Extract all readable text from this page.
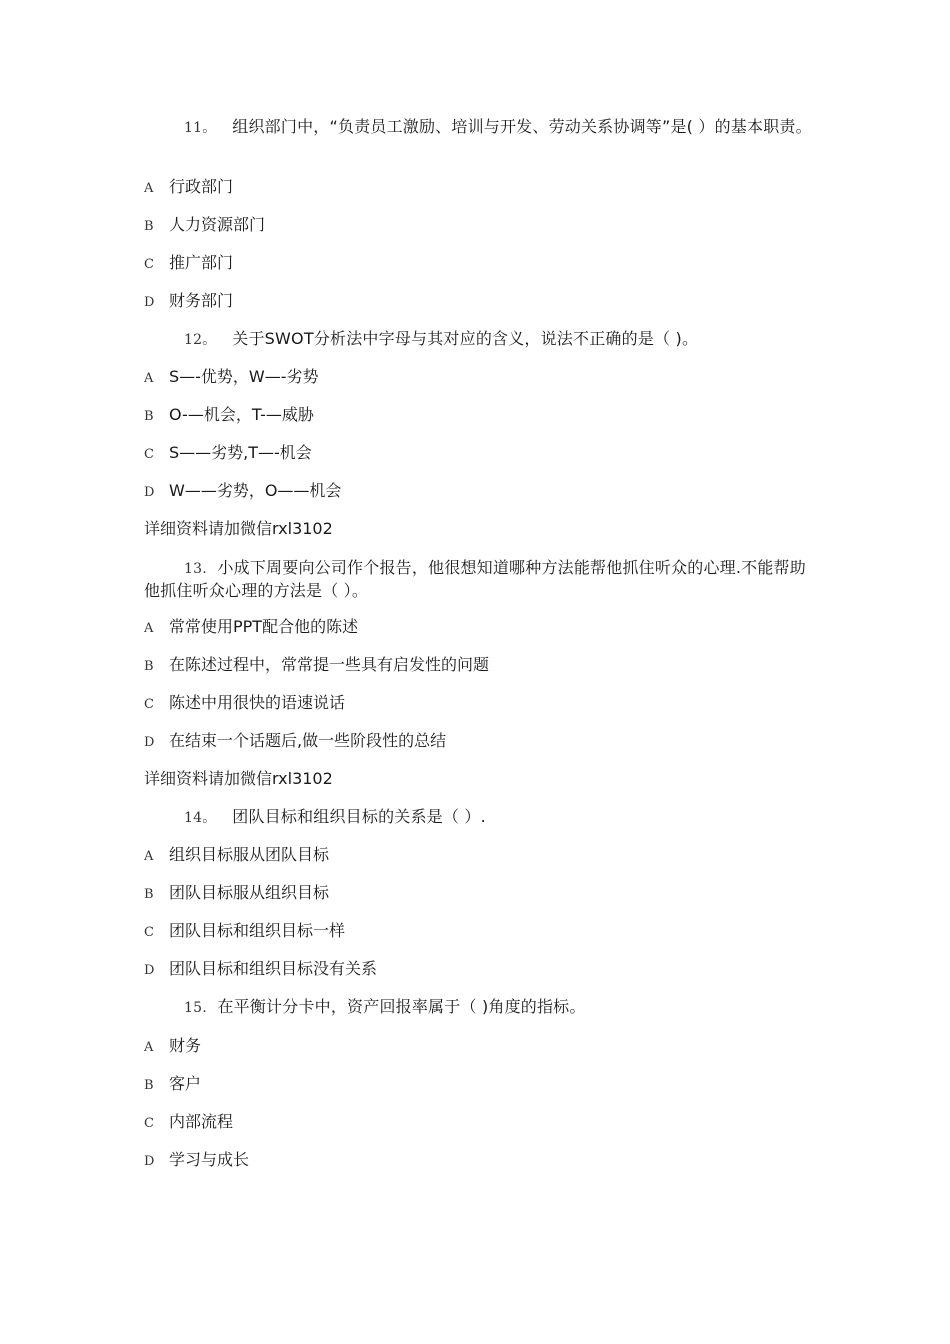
11。 组织部门中，“负责员工激励、培训与开发、劳动关系协调等”是( ）的基本职责。
A 行政部门
B 人力资源部门
C 推广部门
D 财务部门
12。 关于SWOT分析法中字母与其对应的含义，说法不正确的是（ )。
A S—-优势，W—-劣势
B O-—机会，T-—威胁
C S——劣势,T—-机会
D W——劣势，O——机会
详细资料请加微信rxl3102
13. 小成下周要向公司作个报告，他很想知道哪种方法能帮他抓住听众的心理.不能帮助他抓住听众心理的方法是（ ）。
A 常常使用PPT配合他的陈述
B 在陈述过程中，常常提一些具有启发性的问题
C 陈述中用很快的语速说话
D 在结束一个话题后,做一些阶段性的总结
详细资料请加微信rxl3102
14。 团队目标和组织目标的关系是（ ）.
A 组织目标服从团队目标
B 团队目标服从组织目标
C 团队目标和组织目标一样
D 团队目标和组织目标没有关系
15. 在平衡计分卡中，资产回报率属于（ )角度的指标。
A 财务
B 客户
C 内部流程
D 学习与成长
